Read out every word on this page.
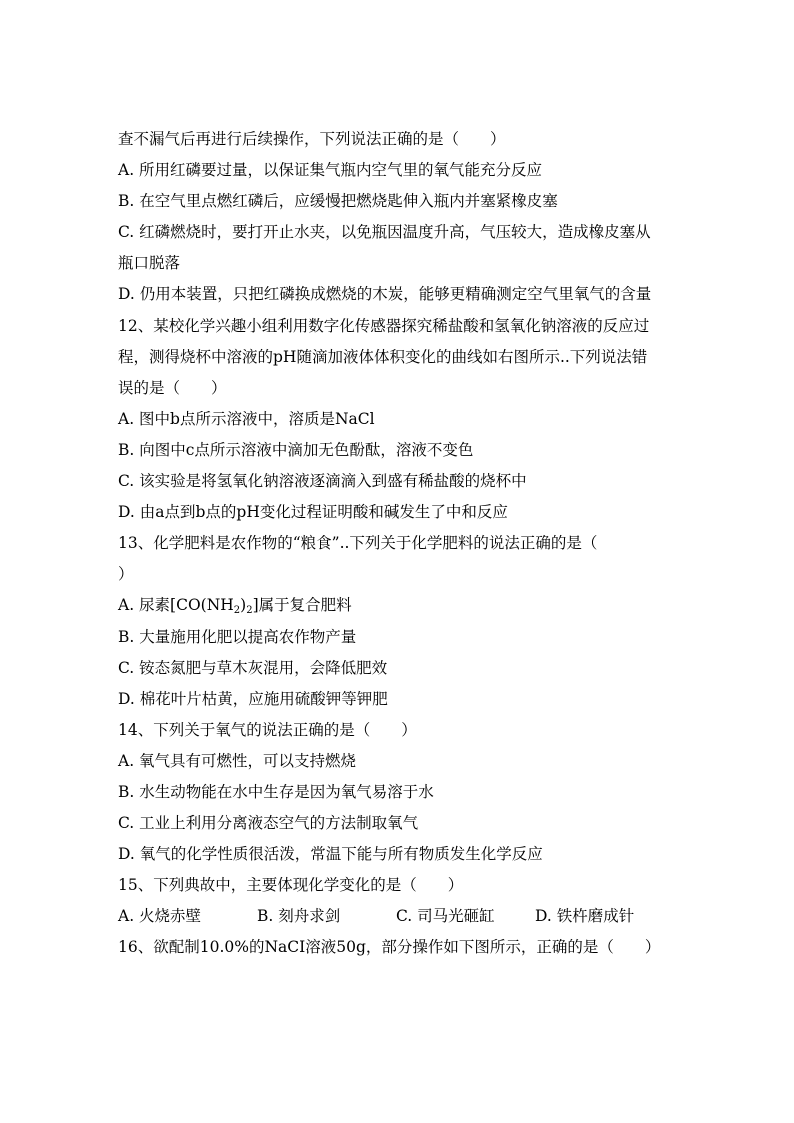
查不漏气后再进行后续操作，下列说法正确的是（　　）
A. 所用红磷要过量，以保证集气瓶内空气里的氧气能充分反应
B. 在空气里点燃红磷后，应缓慢把燃烧匙伸入瓶内并塞紧橡皮塞
C. 红磷燃烧时，要打开止水夹，以免瓶因温度升高，气压较大，造成橡皮塞从
瓶口脱落
D. 仍用本装置，只把红磷换成燃烧的木炭，能够更精确测定空气里氧气的含量
12、某校化学兴趣小组利用数字化传感器探究稀盐酸和氢氧化钠溶液的反应过
程，测得烧杯中溶液的pH随滴加液体体积变化的曲线如右图所示..下列说法错
误的是（　　）
A. 图中b点所示溶液中，溶质是NaCl
B. 向图中c点所示溶液中滴加无色酚酞，溶液不变色
C. 该实验是将氢氧化钠溶液逐滴滴入到盛有稀盐酸的烧杯中
D. 由a点到b点的pH变化过程证明酸和碱发生了中和反应
13、化学肥料是农作物的“粮食”..下列关于化学肥料的说法正确的是（
）
A. 尿素$[CO(NH_2)_2]$属于复合肥料
B. 大量施用化肥以提高农作物产量
C. 铵态氮肥与草木灰混用，会降低肥效
D. 棉花叶片枯黄，应施用硫酸钾等钾肥
14、下列关于氧气的说法正确的是（　　）
A. 氧气具有可燃性，可以支持燃烧
B. 水生动物能在水中生存是因为氧气易溶于水
C. 工业上利用分离液态空气的方法制取氧气
D. 氧气的化学性质很活泼，常温下能与所有物质发生化学反应
15、下列典故中，主要体现化学变化的是（　　）
A. 火烧赤壁	B. 刻舟求剑	C. 司马光砸缸	D. 铁杵磨成针
16、欲配制10.0%的NaCI溶液50g，部分操作如下图所示，正确的是（　　）
